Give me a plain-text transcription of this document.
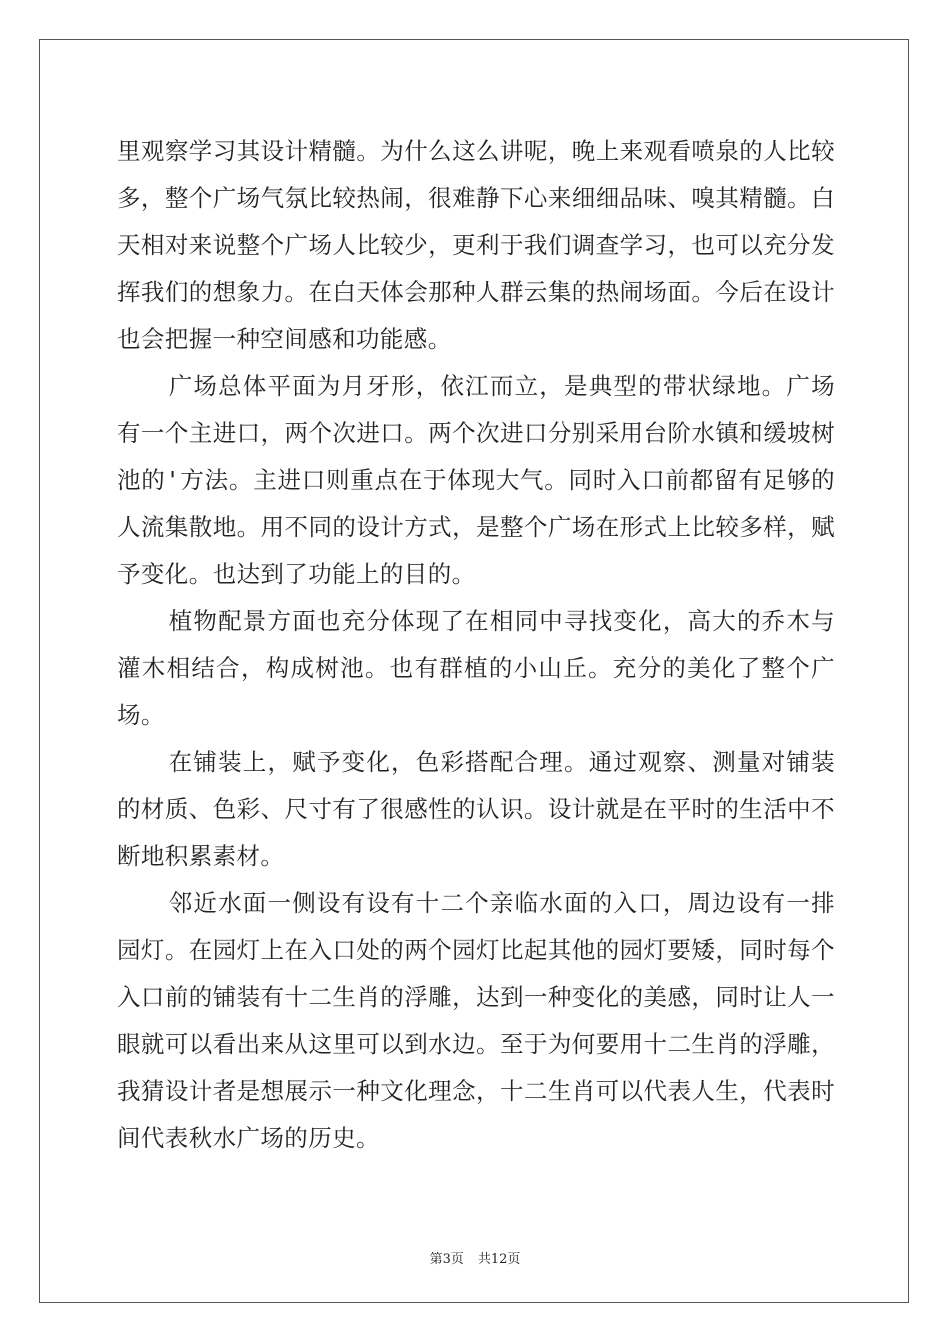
里观察学习其设计精髓。为什么这么讲呢，晚上来观看喷泉的人比较多，整个广场气氛比较热闹，很难静下心来细细品味、嗅其精髓。白天相对来说整个广场人比较少，更利于我们调查学习，也可以充分发挥我们的想象力。在白天体会那种人群云集的热闹场面。今后在设计也会把握一种空间感和功能感。

广场总体平面为月牙形，依江而立，是典型的带状绿地。广场有一个主进口，两个次进口。两个次进口分别采用台阶水镇和缓坡树池的'方法。主进口则重点在于体现大气。同时入口前都留有足够的人流集散地。用不同的设计方式，是整个广场在形式上比较多样，赋予变化。也达到了功能上的目的。

植物配景方面也充分体现了在相同中寻找变化，高大的乔木与灌木相结合，构成树池。也有群植的小山丘。充分的美化了整个广场。

在铺装上，赋予变化，色彩搭配合理。通过观察、测量对铺装的材质、色彩、尺寸有了很感性的认识。设计就是在平时的生活中不断地积累素材。

邻近水面一侧设有设有十二个亲临水面的入口，周边设有一排园灯。在园灯上在入口处的两个园灯比起其他的园灯要矮，同时每个入口前的铺装有十二生肖的浮雕，达到一种变化的美感，同时让人一眼就可以看出来从这里可以到水边。至于为何要用十二生肖的浮雕，我猜设计者是想展示一种文化理念，十二生肖可以代表人生，代表时间代表秋水广场的历史。

第3页 共12页
